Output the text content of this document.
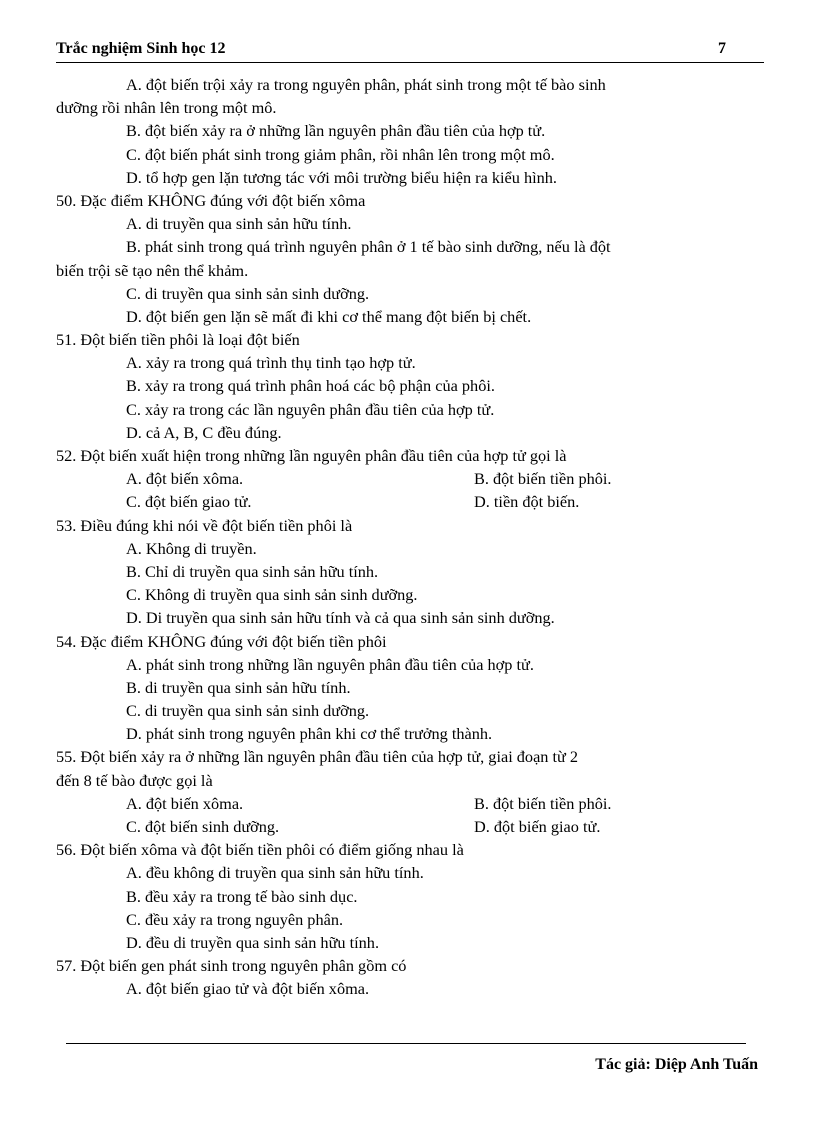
Trắc nghiệm Sinh học 12	7
A. đột biến trội xảy ra trong nguyên phân, phát sinh trong một tế bào sinh
dưỡng rồi nhân lên trong một mô.
B. đột biến xảy ra ở những lần nguyên phân đầu tiên của hợp tử.
C. đột biến phát sinh trong giảm phân, rồi nhân lên trong một mô.
D. tổ hợp gen lặn tương tác với môi trường biểu hiện ra kiểu hình.
50. Đặc điểm KHÔNG đúng với đột biến xôma
A. di truyền qua sinh sản hữu tính.
B. phát sinh trong quá trình nguyên phân ở 1 tế bào sinh dưỡng, nếu là đột
biến trội sẽ tạo nên thể khảm.
C. di truyền qua sinh sản sinh dưỡng.
D. đột biến gen lặn sẽ mất đi khi cơ thể mang đột biến bị chết.
51. Đột biến tiền phôi là loại đột biến
A. xảy ra trong quá trình thụ tinh tạo hợp tử.
B. xảy ra trong quá trình phân hoá các bộ phận của phôi.
C. xảy ra trong các lần nguyên phân đầu tiên của hợp tử.
D. cả A, B, C đều đúng.
52. Đột biến xuất hiện trong những lần nguyên phân đầu tiên của hợp tử gọi là
A. đột biến xôma.	B. đột biến tiền phôi.
C. đột biến giao tử.	D. tiền đột biến.
53. Điều đúng khi nói về đột biến tiền phôi là
A. Không di truyền.
B. Chỉ di truyền qua sinh sản hữu tính.
C. Không di truyền qua sinh sản sinh dưỡng.
D. Di truyền qua sinh sản hữu tính và cả qua sinh sản sinh dưỡng.
54. Đặc điểm KHÔNG đúng với đột biến tiền phôi
A. phát sinh trong những lần nguyên phân đầu tiên của hợp tử.
B. di truyền qua sinh sản hữu tính.
C. di truyền qua sinh sản sinh dưỡng.
D. phát sinh trong nguyên phân khi cơ thể trưởng thành.
55. Đột biến xảy ra ở những lần nguyên phân đầu tiên của hợp tử, giai đoạn từ 2
đến 8 tế bào được gọi là
A. đột biến xôma.	B. đột biến tiền phôi.
C. đột biến sinh dưỡng.	D. đột biến giao tử.
56. Đột biến xôma và đột biến tiền phôi có điểm giống nhau là
A. đều không di truyền qua sinh sản hữu tính.
B. đều xảy ra trong tế bào sinh dục.
C. đều xảy ra trong nguyên phân.
D. đều di truyền qua sinh sản hữu tính.
57. Đột biến gen phát sinh trong nguyên phân gồm có
A. đột biến giao tử và đột biến xôma.
Tác giả: Diệp Anh Tuấn
